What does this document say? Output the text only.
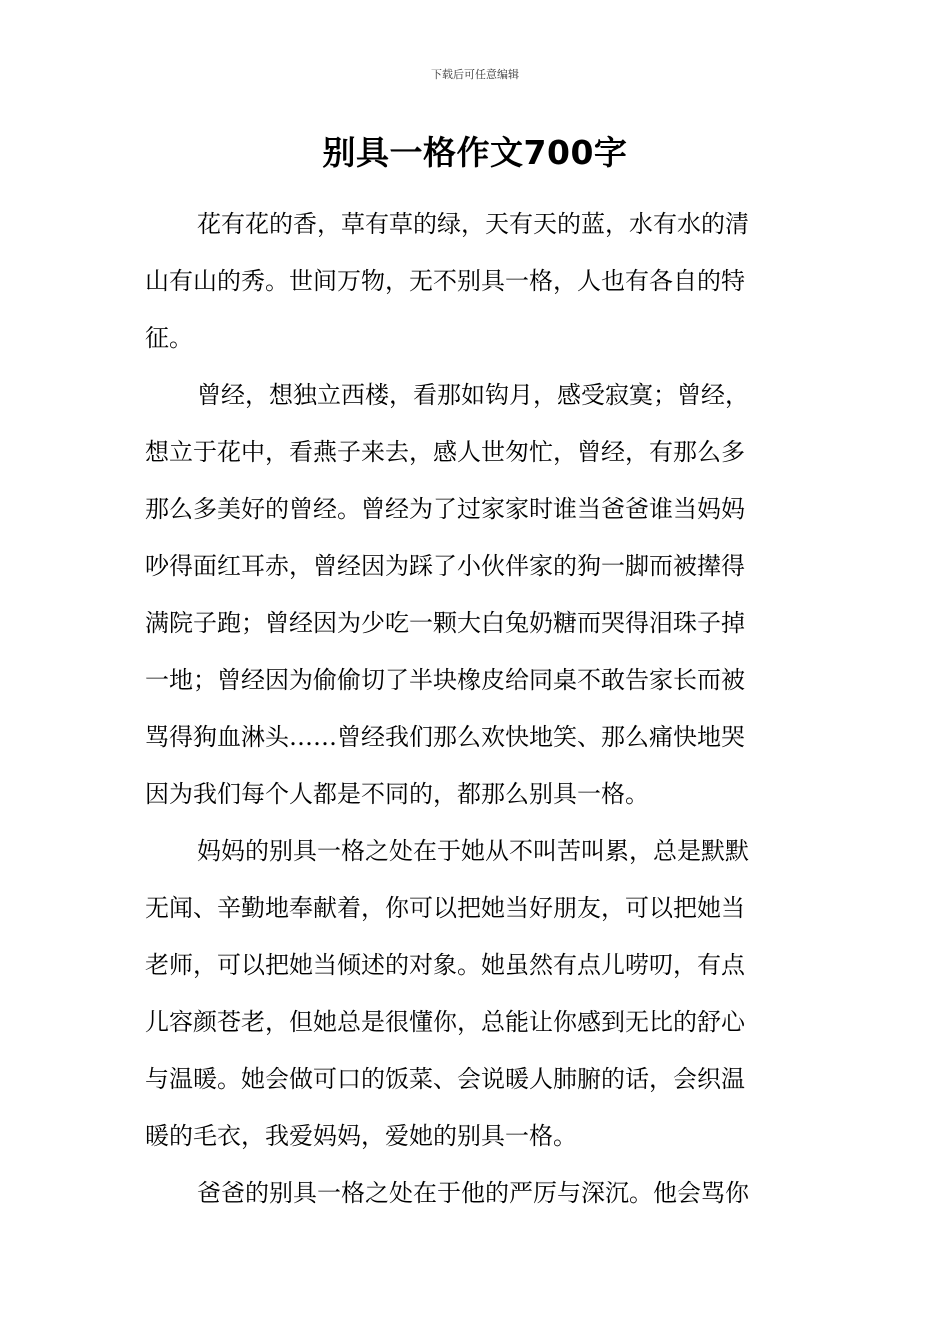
下载后可任意编辑
别具一格作文700字
花有花的香，草有草的绿，天有天的蓝，水有水的清
山有山的秀。世间万物，无不别具一格，人也有各自的特
征。
曾经，想独立西楼，看那如钩月，感受寂寞；曾经，
想立于花中，看燕子来去，感人世匆忙，曾经，有那么多
那么多美好的曾经。曾经为了过家家时谁当爸爸谁当妈妈
吵得面红耳赤，曾经因为踩了小伙伴家的狗一脚而被撵得
满院子跑；曾经因为少吃一颗大白兔奶糖而哭得泪珠子掉
一地；曾经因为偷偷切了半块橡皮给同桌不敢告家长而被
骂得狗血淋头……曾经我们那么欢快地笑、那么痛快地哭
因为我们每个人都是不同的，都那么别具一格。
妈妈的别具一格之处在于她从不叫苦叫累，总是默默
无闻、辛勤地奉献着，你可以把她当好朋友，可以把她当
老师，可以把她当倾述的对象。她虽然有点儿唠叨，有点
儿容颜苍老，但她总是很懂你，总能让你感到无比的舒心
与温暖。她会做可口的饭菜、会说暖人肺腑的话，会织温
暖的毛衣，我爱妈妈，爱她的别具一格。
爸爸的别具一格之处在于他的严厉与深沉。他会骂你
